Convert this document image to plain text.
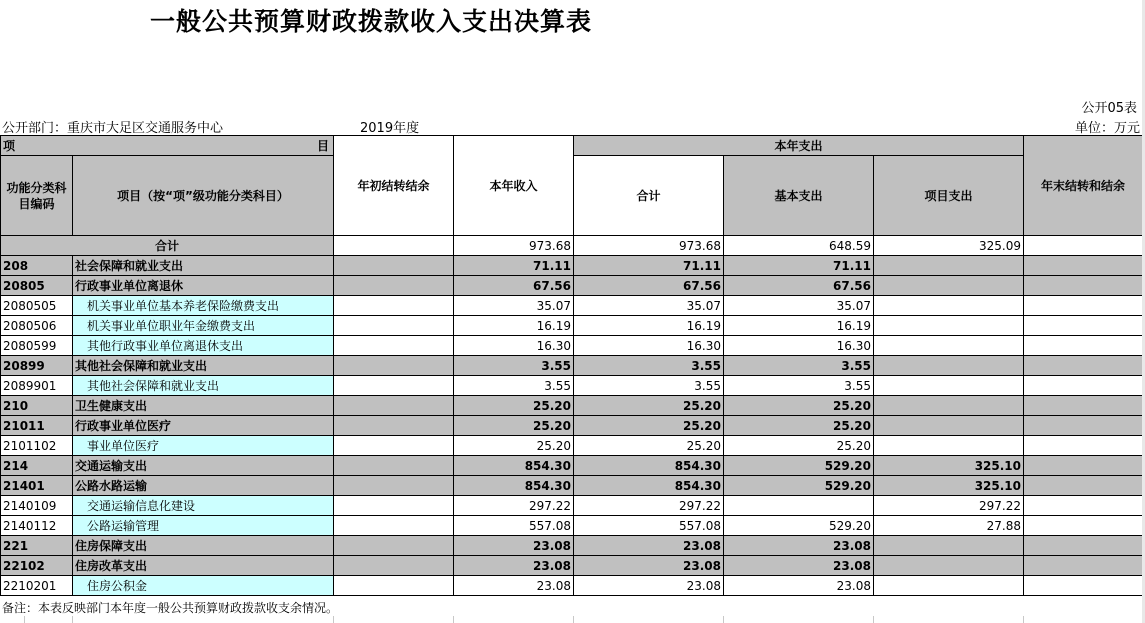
一般公共预算财政拨款收入支出决算表
公开05表
公开部门：重庆市大足区交通服务中心	2019年度	单位：万元
项 目		年初结转结余	本年收入	本年支出			年末结转和结余
功能分类科目编码	项目（按“项”级功能分类科目）			合计	基本支出	项目支出	

合计			973.68	973.68	648.59	325.09	
208	社会保障和就业支出		71.11	71.11	71.11		
20805	行政事业单位离退休		67.56	67.56	67.56		
2080505	机关事业单位基本养老保险缴费支出		35.07	35.07	35.07		
2080506	机关事业单位职业年金缴费支出		16.19	16.19	16.19		
2080599	其他行政事业单位离退休支出		16.30	16.30	16.30		
20899	其他社会保障和就业支出		3.55	3.55	3.55		
2089901	其他社会保障和就业支出		3.55	3.55	3.55		
210	卫生健康支出		25.20	25.20	25.20		
21011	行政事业单位医疗		25.20	25.20	25.20		
2101102	事业单位医疗		25.20	25.20	25.20		
214	交通运输支出		854.30	854.30	529.20	325.10	
21401	公路水路运输		854.30	854.30	529.20	325.10	
2140109	交通运输信息化建设		297.22	297.22		297.22	
2140112	公路运输管理		557.08	557.08	529.20	27.88	
221	住房保障支出		23.08	23.08	23.08		
22102	住房改革支出		23.08	23.08	23.08		
2210201	住房公积金		23.08	23.08	23.08		
备注：本表反映部门本年度一般公共预算财政拨款收支余情况。
